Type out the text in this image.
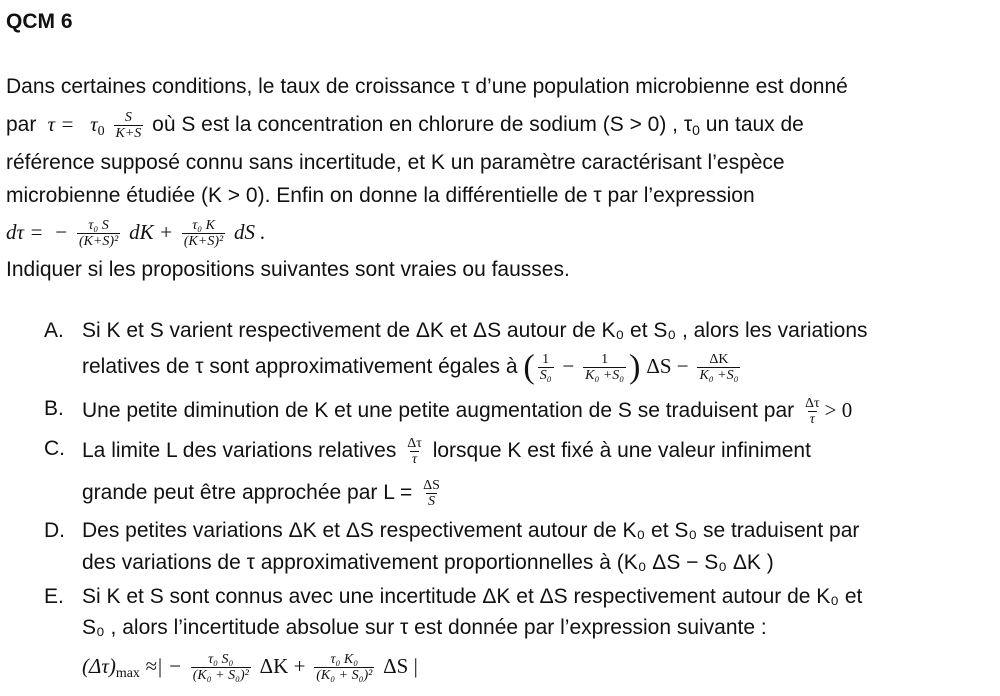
QCM 6
Dans certaines conditions, le taux de croissance τ d’une population microbienne est donné
par  $\tau = \tau_0 \frac{S}{K+S}$ où S est la concentration en chlorure de sodium (S > 0) , $\tau_0$ un taux de
référence supposé connu sans incertitude, et K un paramètre caractérisant l’espèce
microbienne étudiée (K > 0). Enfin on donne la différentielle de τ par l’expression
dτ =  − $\frac{\text{τ₀ S}}{\text{(K+S)²}}$ dK + $\frac{\text{τ₀ K}}{\text{(K+S)²}}$ dS .
Indiquer si les propositions suivantes sont vraies ou fausses.
A. Si K et S varient respectivement de ΔK et ΔS autour de K₀ et S₀ , alors les variations
relatives de τ sont approximativement égales à ( $\frac{1}{\text{S₀}} - \frac{1}{\text{K₀ +S₀}}$ ) $\Delta S - \frac{\Delta K}{\text{K₀ +S₀}}$
B. Une petite diminution de K et une petite augmentation de S se traduisent par $\frac{\Delta\tau}{\tau} > 0$
C. La limite L des variations relatives $\frac{\Delta\tau}{\tau}$ lorsque K est fixé à une valeur infiniment
grande peut être approchée par $L = \frac{\Delta S}{S}$
D. Des petites variations ΔK et ΔS respectivement autour de K₀ et S₀ se traduisent par
des variations de τ approximativement proportionnelles à (K₀ ΔS − S₀ ΔK )
E. Si K et S sont connus avec une incertitude ΔK et ΔS respectivement autour de K₀ et
S₀ , alors l’incertitude absolue sur τ est donnée par l’expression suivante :
$(\Delta\tau)_{max}$ ≈| − $\frac{\text{τ₀ S₀}}{\text{(K₀ + S₀)²}}$ $\Delta K + \frac{\text{τ₀ K₀}}{\text{(K₀ + S₀)²}}$ ΔS |
